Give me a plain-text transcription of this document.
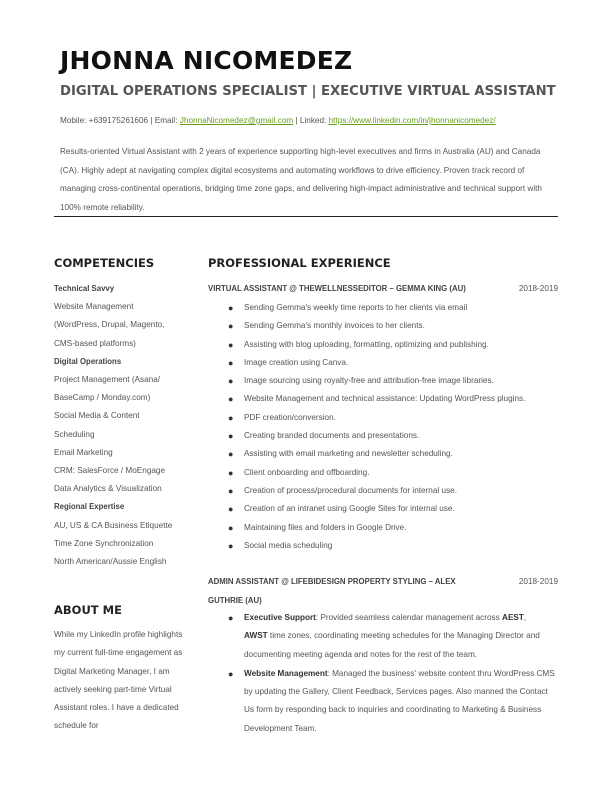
JHONNA NICOMEDEZ
DIGITAL OPERATIONS SPECIALIST | EXECUTIVE VIRTUAL ASSISTANT
Mobile: +639175261606 | Email: JhonnaNicomedez@gmail.com | Linked: https://www.linkedin.com/in/jhonnanicomedez/

Results-oriented Virtual Assistant with 2 years of experience supporting high-level executives and firms in Australia (AU) and Canada (CA). Highly adept at navigating complex digital ecosystems and automating workflows to drive efficiency. Proven track record of managing cross-continental operations, bridging time zone gaps, and delivering high-impact administrative and technical support with 100% remote reliability.

COMPETENCIES
Technical Savvy
Website Management
(WordPress, Drupal, Magento,
CMS-based platforms)
Digital Operations
Project Management (Asana/
BaseCamp / Monday.com)
Social Media & Content
Scheduling
Email Marketing
CRM: SalesForce / MoEngage
Data Analytics & Visualization
Regional Expertise
AU, US & CA Business Etiquette
Time Zone Synchronization
North American/Aussie English
ABOUT ME

While my LinkedIn profile highlights my current full-time engagement as Digital Marketing Manager, I am actively seeking part-time Virtual Assistant roles. I have a dedicated schedule for

PROFESSIONAL EXPERIENCE
VIRTUAL ASSISTANT @ THEWELLNESSEDITOR – GEMMA KING (AU)	2018-2019
● Sending Gemma's weekly time reports to her clients via email
● Sending Gemma's monthly invoices to her clients.
● Assisting with blog uploading, formatting, optimizing and publishing.
● Image creation using Canva.
● Image sourcing using royalty-free and attribution-free image libraries.
● Website Management and technical assistance: Updating WordPress plugins.
● PDF creation/conversion.
● Creating branded documents and presentations.
● Assisting with email marketing and newsletter scheduling.
● Client onboarding and offboarding.
● Creation of process/procedural documents for internal use.
● Creation of an intranet using Google Sites for internal use.
● Maintaining files and folders in Google Drive.
● Social media scheduling
ADMIN ASSISTANT @ LIFEBIDESIGN PROPERTY STYLING – ALEX
GUTHRIE (AU)
2018-2019
● Executive Support: Provided seamless calendar management across AEST,
AWST time zones, coordinating meeting schedules for the Managing Director and documenting meeting agenda and notes for the rest of the team.
● Website Management: Managed the business' website content thru WordPress CMS by updating the Gallery, Client Feedback, Services pages. Also manned the Contact Us form by responding back to inquiries and coordinating to Marketing & Business Development Team.
